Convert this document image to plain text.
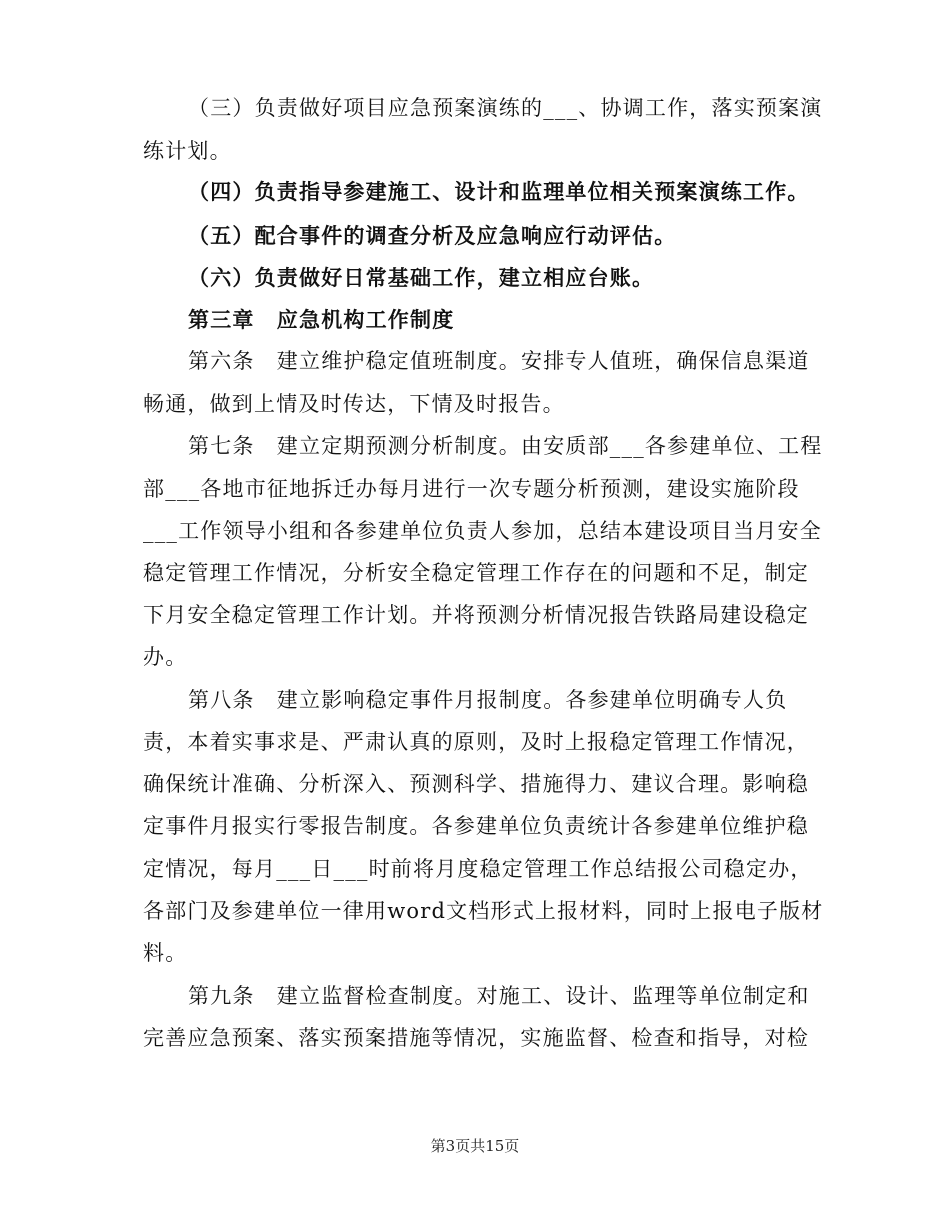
（三）负责做好项目应急预案演练的___、协调工作，落实预案演
练计划。
（四）负责指导参建施工、设计和监理单位相关预案演练工作。
（五）配合事件的调查分析及应急响应行动评估。
（六）负责做好日常基础工作，建立相应台账。
第三章　应急机构工作制度
第六条　建立维护稳定值班制度。安排专人值班，确保信息渠道
畅通，做到上情及时传达，下情及时报告。
第七条　建立定期预测分析制度。由安质部___各参建单位、工程
部___各地市征地拆迁办每月进行一次专题分析预测，建设实施阶段
___工作领导小组和各参建单位负责人参加，总结本建设项目当月安全
稳定管理工作情况，分析安全稳定管理工作存在的问题和不足，制定
下月安全稳定管理工作计划。并将预测分析情况报告铁路局建设稳定
办。
第八条　建立影响稳定事件月报制度。各参建单位明确专人负
责，本着实事求是、严肃认真的原则，及时上报稳定管理工作情况，
确保统计准确、分析深入、预测科学、措施得力、建议合理。影响稳
定事件月报实行零报告制度。各参建单位负责统计各参建单位维护稳
定情况，每月___日___时前将月度稳定管理工作总结报公司稳定办，
各部门及参建单位一律用word文档形式上报材料，同时上报电子版材
料。
第九条　建立监督检查制度。对施工、设计、监理等单位制定和
完善应急预案、落实预案措施等情况，实施监督、检查和指导，对检
第3页共15页
